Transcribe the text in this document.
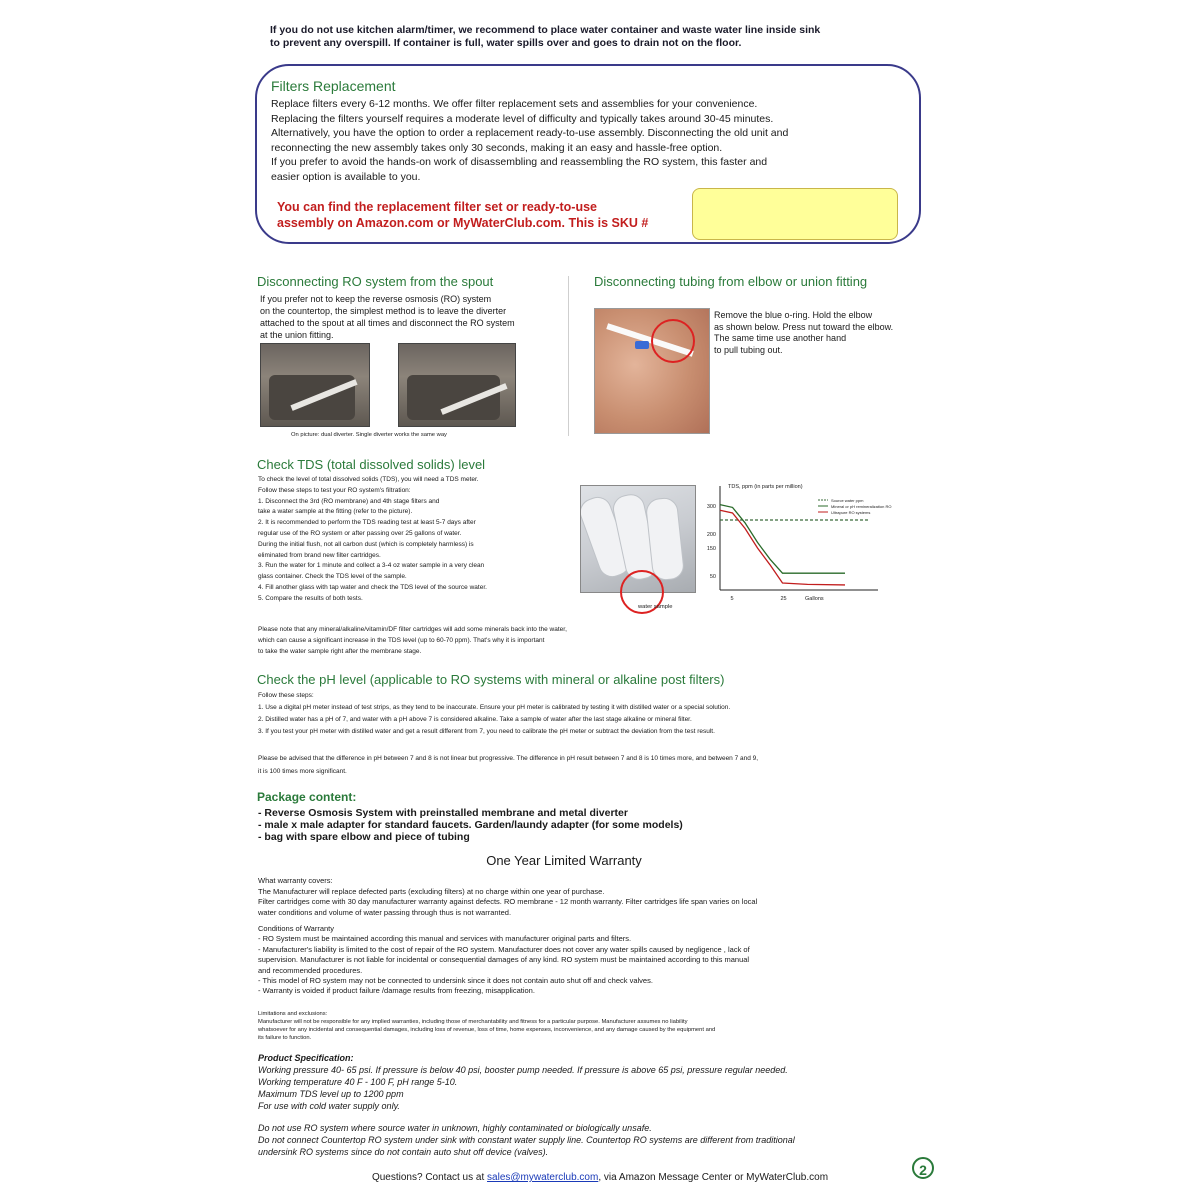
If you do not use kitchen alarm/timer, we recommend to place water container and waste water line inside sink
to prevent any overspill. If container is full, water spills over and goes to drain not on the floor.
Filters Replacement
Replace filters every 6-12 months. We offer filter replacement sets and assemblies for your convenience.
Replacing the filters yourself requires a moderate level of difficulty and typically takes around 30-45 minutes.
Alternatively, you have the option to order a replacement ready-to-use assembly. Disconnecting the old unit and
reconnecting the new assembly takes only 30 seconds, making it an easy and hassle-free option.
If you prefer to avoid the hands-on work of disassembling and reassembling the RO system, this faster and
easier option is available to you.
You can find the replacement filter set or ready-to-use
assembly on Amazon.com or MyWaterClub.com. This is SKU #
Disconnecting RO system from the spout
If you prefer not to keep the reverse osmosis (RO) system
on the countertop, the simplest method is to leave the diverter
attached to the spout at all times and disconnect the RO system
at the union fitting.
On picture: dual diverter. Single diverter works the same way
Disconnecting tubing from elbow or union fitting
Remove the blue o-ring. Hold the elbow
as shown below. Press nut toward the elbow.
The same time use another hand
to pull tubing out.
Check TDS (total dissolved solids) level
To check the level of total dissolved solids (TDS), you will need a TDS meter.
Follow these steps to test your RO system's filtration:
1. Disconnect the 3rd (RO membrane) and 4th stage filters and
take a water sample at the fitting (refer to the picture).
2. It is recommended to perform the TDS reading test at least 5-7 days after
regular use of the RO system or after passing over 25 gallons of water.
During the initial flush, not all carbon dust (which is completely harmless) is
eliminated from brand new filter cartridges.
3. Run the water for 1 minute and collect a 3-4 oz water sample in a very clean
glass container. Check the TDS level of the sample.
4. Fill another glass with tap water and check the TDS level of the source water.
5. Compare the results of both tests.
water sample
TDS, ppm (in parts per million)
Gallons
5	25
300
200
150
50
Source water ppm
Mineral or pH remineralization RO
Ultrapure RO systems
Please note that any mineral/alkaline/vitamin/DF filter cartridges will add some minerals back into the water,
which can cause a significant increase in the TDS level (up to 60-70 ppm). That's why it is important
to take the water sample right after the membrane stage.
Check the pH level (applicable to RO systems with mineral or alkaline post filters)
Follow these steps:
1. Use a digital pH meter instead of test strips, as they tend to be inaccurate. Ensure your pH meter is calibrated by testing it with distilled water or a special solution.
2. Distilled water has a pH of 7, and water with a pH above 7 is considered alkaline. Take a sample of water after the last stage alkaline or mineral filter.
3. If you test your pH meter with distilled water and get a result different from 7, you need to calibrate the pH meter or subtract the deviation from the test result.
Please be advised that the difference in pH between 7 and 8 is not linear but progressive. The difference in pH result between 7 and 8 is 10 times more, and between 7 and 9,
it is 100 times more significant.
Package content:
- Reverse Osmosis System with preinstalled membrane and metal diverter
- male x male adapter for standard faucets. Garden/laundy adapter (for some models)
- bag with spare elbow and piece of tubing
One Year Limited Warranty
What warranty covers:
The Manufacturer will replace defected parts (excluding filters) at no charge within one year of purchase.
Filter cartridges come with 30 day manufacturer warranty against defects. RO membrane - 12 month warranty. Filter cartridges life span varies on local
water conditions and volume of water passing through thus is not warranted.
Conditions of Warranty
- RO System must be maintained according this manual and services with manufacturer original parts and filters.
- Manufacturer's liability is limited to the cost of repair of the RO system. Manufacturer does not cover any water spills caused by negligence , lack of
supervision. Manufacturer is not liable for incidental or consequential damages of any kind. RO system must be maintained according to this manual
and recommended procedures.
- This model of RO system may not be connected to undersink since it does not contain auto shut off and check valves.
- Warranty is voided if product failure /damage results from freezing, misapplication.
Limitations and exclusions:
Manufacturer will not be responsible for any implied warranties, including those of merchantability and fitness for a particular purpose. Manufacturer assumes no liability
whatsoever for any incidental and consequential damages, including loss of revenue, loss of time, home expenses, inconvenience, and any damage caused by the equipment and
its failure to function.
Product Specification:
Working pressure 40- 65 psi. If pressure is below 40 psi, booster pump needed. If pressure is above 65 psi, pressure regular needed.
Working temperature 40 F - 100 F, pH range 5-10.
Maximum TDS level up to 1200 ppm
For use with cold water supply only.
Do not use RO system where source water in unknown, highly contaminated or biologically unsafe.
Do not connect Countertop RO system under sink with constant water supply line. Countertop RO systems are different from traditional
undersink RO systems since do not contain auto shut off device (valves).
2
Questions? Contact us at sales@mywaterclub.com, via Amazon Message Center or MyWaterClub.com
